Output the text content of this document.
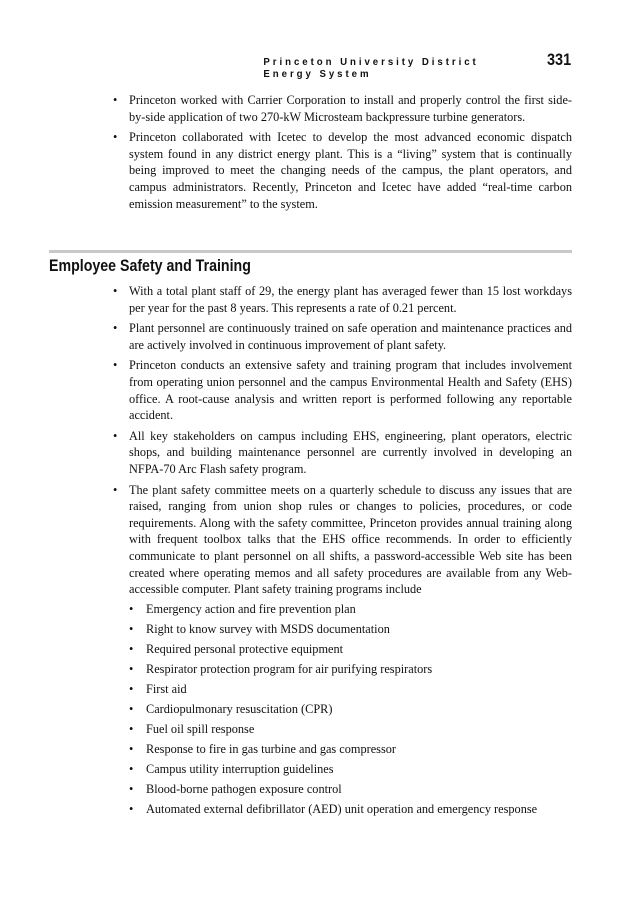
Princeton University District Energy System
331
• Princeton worked with Carrier Corporation to install and properly control the first side-by-side application of two 270-kW Microsteam backpressure turbine generators.
• Princeton collaborated with Icetec to develop the most advanced economic dispatch system found in any district energy plant. This is a “living” system that is continually being improved to meet the changing needs of the campus, the plant operators, and campus administrators. Recently, Princeton and Icetec have added “real-time carbon emission measurement” to the system.
Employee Safety and Training
• With a total plant staff of 29, the energy plant has averaged fewer than 15 lost workdays per year for the past 8 years. This represents a rate of 0.21 percent.
• Plant personnel are continuously trained on safe operation and maintenance practices and are actively involved in continuous improvement of plant safety.
• Princeton conducts an extensive safety and training program that includes involvement from operating union personnel and the campus Environmental Health and Safety (EHS) office. A root-cause analysis and written report is performed following any reportable accident.
• All key stakeholders on campus including EHS, engineering, plant operators, electric shops, and building maintenance personnel are currently involved in developing an NFPA-70 Arc Flash safety program.
• The plant safety committee meets on a quarterly schedule to discuss any issues that are raised, ranging from union shop rules or changes to policies, procedures, or code requirements. Along with the safety committee, Princeton provides annual training along with frequent toolbox talks that the EHS office recommends. In order to efficiently communicate to plant personnel on all shifts, a password-accessible Web site has been created where operating memos and all safety procedures are available from any Web-accessible computer. Plant safety training programs include
• Emergency action and fire prevention plan
• Right to know survey with MSDS documentation
• Required personal protective equipment
• Respirator protection program for air purifying respirators
• First aid
• Cardiopulmonary resuscitation (CPR)
• Fuel oil spill response
• Response to fire in gas turbine and gas compressor
• Campus utility interruption guidelines
• Blood-borne pathogen exposure control
• Automated external defibrillator (AED) unit operation and emergency response
